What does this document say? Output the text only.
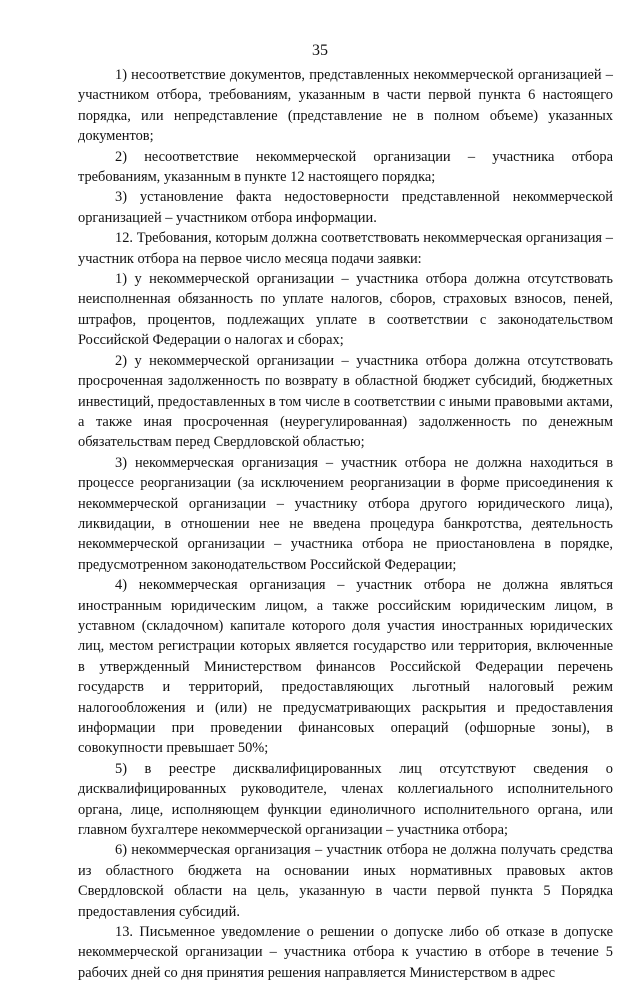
35

1) несоответствие документов, представленных некоммерческой организацией – участником отбора, требованиям, указанным в части первой пункта 6 настоящего порядка, или непредставление (представление не в полном объеме) указанных документов;

2) несоответствие некоммерческой организации – участника отбора требованиям, указанным в пункте 12 настоящего порядка;

3) установление факта недостоверности представленной некоммерческой организацией – участником отбора информации.

12. Требования, которым должна соответствовать некоммерческая организация – участник отбора на первое число месяца подачи заявки:

1) у некоммерческой организации – участника отбора должна отсутствовать неисполненная обязанность по уплате налогов, сборов, страховых взносов, пеней, штрафов, процентов, подлежащих уплате в соответствии с законодательством Российской Федерации о налогах и сборах;

2) у некоммерческой организации – участника отбора должна отсутствовать просроченная задолженность по возврату в областной бюджет субсидий, бюджетных инвестиций, предоставленных в том числе в соответствии с иными правовыми актами, а также иная просроченная (неурегулированная) задолженность по денежным обязательствам перед Свердловской областью;

3) некоммерческая организация – участник отбора не должна находиться в процессе реорганизации (за исключением реорганизации в форме присоединения к некоммерческой организации – участнику отбора другого юридического лица), ликвидации, в отношении нее не введена процедура банкротства, деятельность некоммерческой организации – участника отбора не приостановлена в порядке, предусмотренном законодательством Российской Федерации;

4) некоммерческая организация – участник отбора не должна являться иностранным юридическим лицом, а также российским юридическим лицом, в уставном (складочном) капитале которого доля участия иностранных юридических лиц, местом регистрации которых является государство или территория, включенные в утвержденный Министерством финансов Российской Федерации перечень государств и территорий, предоставляющих льготный налоговый режим налогообложения и (или) не предусматривающих раскрытия и предоставления информации при проведении финансовых операций (офшорные зоны), в совокупности превышает 50%;

5) в реестре дисквалифицированных лиц отсутствуют сведения о дисквалифицированных руководителе, членах коллегиального исполнительного органа, лице, исполняющем функции единоличного исполнительного органа, или главном бухгалтере некоммерческой организации – участника отбора;

6) некоммерческая организация – участник отбора не должна получать средства из областного бюджета на основании иных нормативных правовых актов Свердловской области на цель, указанную в части первой пункта 5 Порядка предоставления субсидий.

13. Письменное уведомление о решении о допуске либо об отказе в допуске некоммерческой организации – участника отбора к участию в отборе в течение 5 рабочих дней со дня принятия решения направляется Министерством в адрес
